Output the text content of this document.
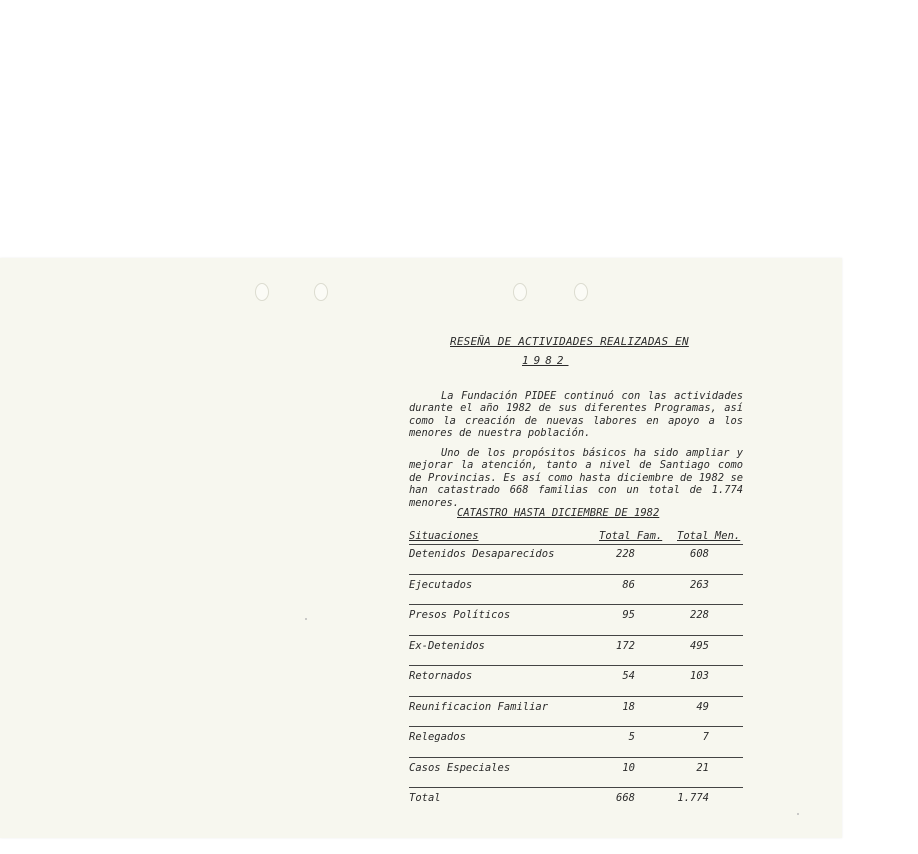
RESEÑA DE ACTIVIDADES REALIZADAS EN
1982

La Fundación PIDEE continuó con las actividades durante el año 1982 de sus diferentes Programas, así como la creación de nuevas labores en apoyo a los menores de nuestra población.

Uno de los propósitos básicos ha sido ampliar y mejorar la atención, tanto a nivel de Santiago como de Provincias. Es así como hasta diciembre de 1982 se han catastrado 668 familias con un total de 1.774 menores.

CATASTRO HASTA DICIEMBRE DE 1982
Situaciones	Total Fam. Total Men.
Detenidos Desaparecidos	228	608
Ejecutados	86	263
Presos Políticos	95	228
Ex-Detenidos	172	495
Retornados	54	103
Reunificacion Familiar	18	49
Relegados	5	7
Casos Especiales	10	21
Total	668	1.774
